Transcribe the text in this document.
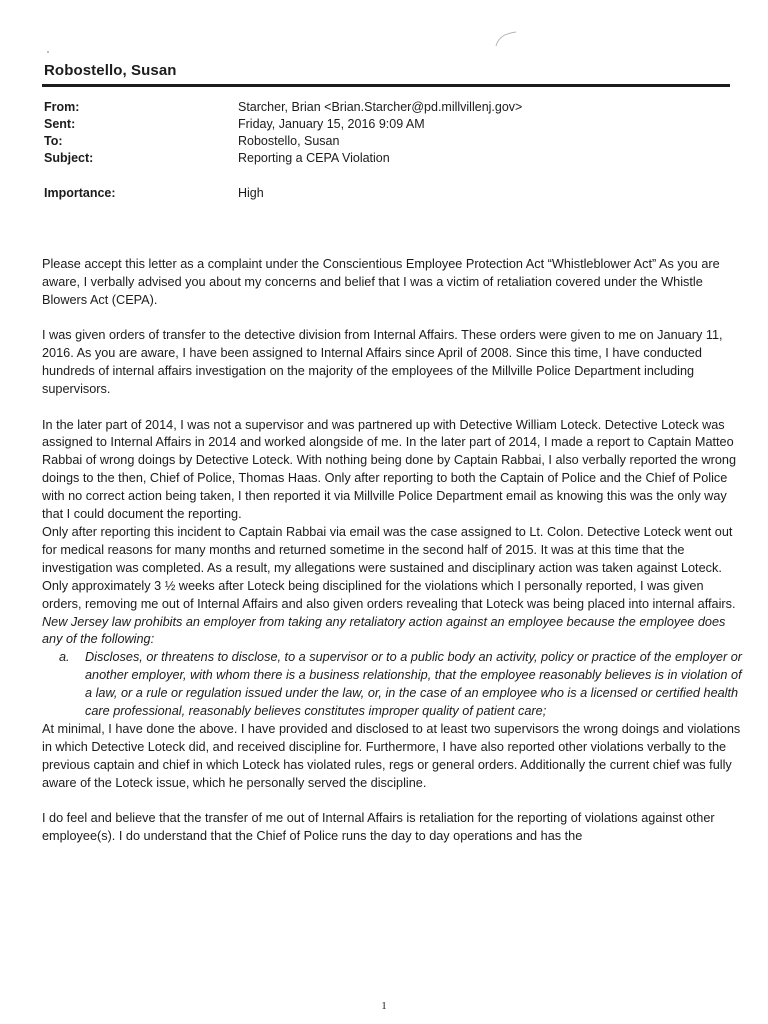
Robostello, Susan
From:	Starcher, Brian <Brian.Starcher@pd.millvillenj.gov>
Sent:	Friday, January 15, 2016 9:09 AM
To:	Robostello, Susan
Subject:	Reporting a CEPA Violation
Importance:	High

Please accept this letter as a complaint under the Conscientious Employee Protection Act “Whistleblower Act” As you are aware, I verbally advised you about my concerns and belief that I was a victim of retaliation covered under the Whistle Blowers Act (CEPA).

I was given orders of transfer to the detective division from Internal Affairs. These orders were given to me on January 11, 2016. As you are aware, I have been assigned to Internal Affairs since April of 2008. Since this time, I have conducted hundreds of internal affairs investigation on the majority of the employees of the Millville Police Department including supervisors.

In the later part of 2014, I was not a supervisor and was partnered up with Detective William Loteck. Detective Loteck was assigned to Internal Affairs in 2014 and worked alongside of me. In the later part of 2014, I made a report to Captain Matteo Rabbai of wrong doings by Detective Loteck. With nothing being done by Captain Rabbai, I also verbally reported the wrong doings to the then, Chief of Police, Thomas Haas. Only after reporting to both the Captain of Police and the Chief of Police with no correct action being taken, I then reported it via Millville Police Department email as knowing this was the only way that I could document the reporting.

Only after reporting this incident to Captain Rabbai via email was the case assigned to Lt. Colon. Detective Loteck went out for medical reasons for many months and returned sometime in the second half of 2015. It was at this time that the investigation was completed. As a result, my allegations were sustained and disciplinary action was taken against Loteck. Only approximately 3 ½ weeks after Loteck being disciplined for the violations which I personally reported, I was given orders, removing me out of Internal Affairs and also given orders revealing that Loteck was being placed into internal affairs.

New Jersey law prohibits an employer from taking any retaliatory action against an employee because the employee does any of the following:

a. Discloses, or threatens to disclose, to a supervisor or to a public body an activity, policy or practice of the employer or another employer, with whom there is a business relationship, that the employee reasonably believes is in violation of a law, or a rule or regulation issued under the law, or, in the case of an employee who is a licensed or certified health care professional, reasonably believes constitutes improper quality of patient care;

At minimal, I have done the above. I have provided and disclosed to at least two supervisors the wrong doings and violations in which Detective Loteck did, and received discipline for. Furthermore, I have also reported other violations verbally to the previous captain and chief in which Loteck has violated rules, regs or general orders. Additionally the current chief was fully aware of the Loteck issue, which he personally served the discipline.

I do feel and believe that the transfer of me out of Internal Affairs is retaliation for the reporting of violations against other employee(s). I do understand that the Chief of Police runs the day to day operations and has the

1
